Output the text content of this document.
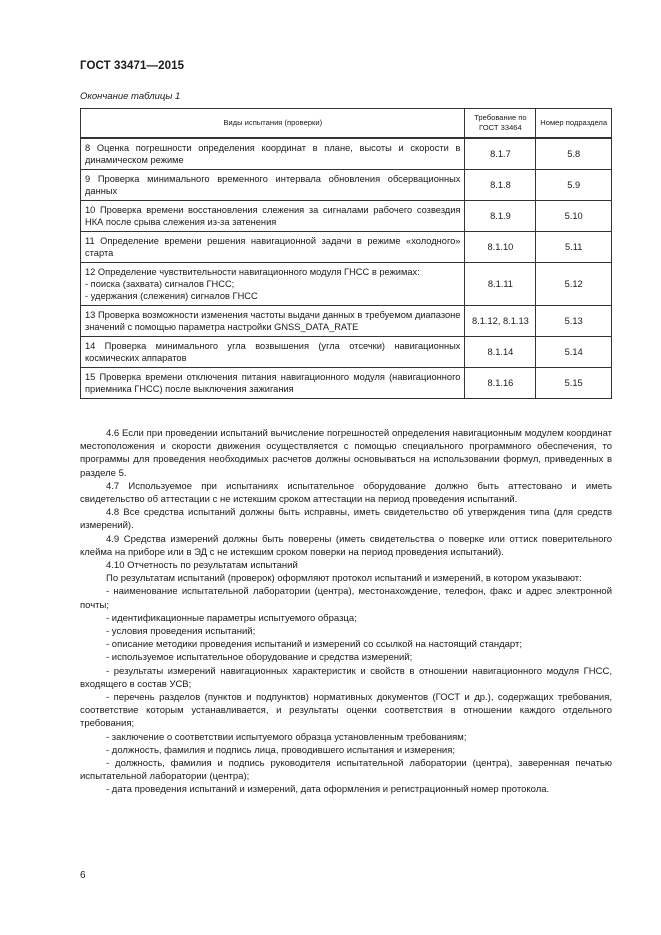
ГОСТ 33471—2015
Окончание таблицы 1
Виды испытания (проверки)	Требование по ГОСТ 33464	Номер подраздела
8 Оценка погрешности определения координат в плане, высоты и скорости в динамическом режиме	8.1.7	5.8
9 Проверка минимального временного интервала обновления обсервационных данных	8.1.8	5.9
10 Проверка времени восстановления слежения за сигналами рабочего созвездия НКА после срыва слежения из-за затенения	8.1.9	5.10
11 Определение времени решения навигационной задачи в режиме «холодного» старта	8.1.10	5.11

12 Определение чувствительности навигационного модуля ГНСС в режимах:
- поиска (захвата) сигналов ГНСС;
- удержания (слежения) сигналов ГНСС	8.1.11	5.12
13 Проверка возможности изменения частоты выдачи данных в требуемом диапазоне значений с помощью параметра настройки GNSS_DATA_RATE	8.1.12, 8.1.13	5.13
14 Проверка минимального угла возвышения (угла отсечки) навигационных космических аппаратов	8.1.14	5.14
15 Проверка времени отключения питания навигационного модуля (навигационного приемника ГНСС) после выключения зажигания	8.1.16	5.15

4.6 Если при проведении испытаний вычисление погрешностей определения навигационным модулем координат местоположения и скорости движения осуществляется с помощью специального программного обеспечения, то программы для проведения необходимых расчетов должны основываться на использовании формул, приведенных в разделе 5.

4.7 Используемое при испытаниях испытательное оборудование должно быть аттестовано и иметь свидетельство об аттестации с не истекшим сроком аттестации на период проведения испытаний.

4.8 Все средства испытаний должны быть исправны, иметь свидетельство об утверждения типа (для средств измерений).

4.9 Средства измерений должны быть поверены (иметь свидетельства о поверке или оттиск поверительного клейма на приборе или в ЭД с не истекшим сроком поверки на период проведения испытаний).

4.10 Отчетность по результатам испытаний

По результатам испытаний (проверок) оформляют протокол испытаний и измерений, в котором указывают:

- наименование испытательной лаборатории (центра), местонахождение, телефон, факс и адрес электронной почты;

- идентификационные параметры испытуемого образца;

- условия проведения испытаний;

- описание методики проведения испытаний и измерений со ссылкой на настоящий стандарт;

- используемое испытательное оборудование и средства измерений;

- результаты измерений навигационных характеристик и свойств в отношении навигационного модуля ГНСС, входящего в состав УСВ;

- перечень разделов (пунктов и подпунктов) нормативных документов (ГОСТ и др.), содержащих требования, соответствие которым устанавливается, и результаты оценки соответствия в отношении каждого отдельного требования;

- заключение о соответствии испытуемого образца установленным требованиям;

- должность, фамилия и подпись лица, проводившего испытания и измерения;

- должность, фамилия и подпись руководителя испытательной лаборатории (центра), заверенная печатью испытательной лаборатории (центра);

- дата проведения испытаний и измерений, дата оформления и регистрационный номер протокола.

6
